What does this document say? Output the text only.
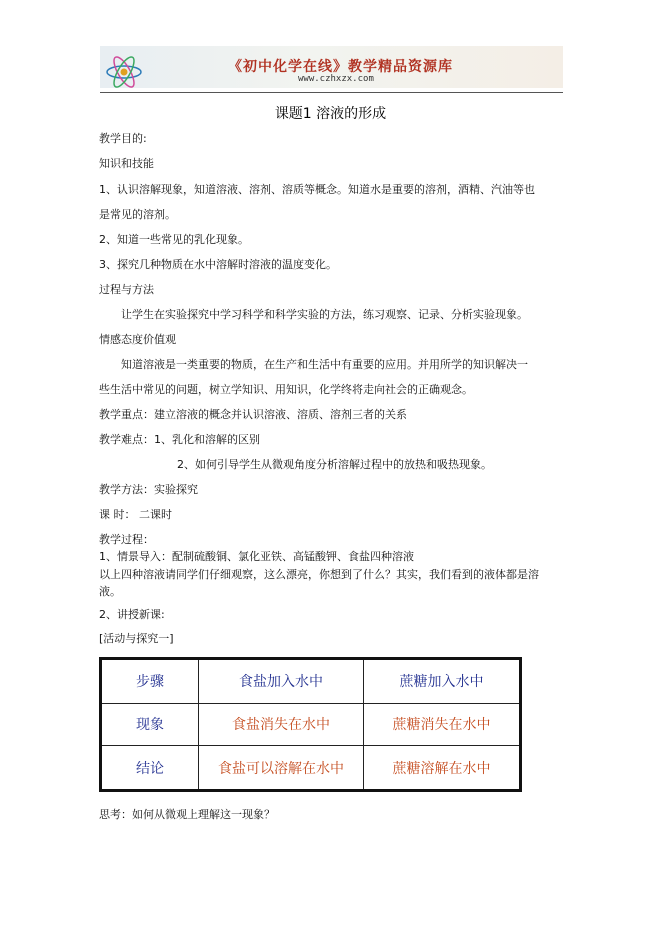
《初中化学在线》教学精品资源库
www.czhxzx.com
课题1 溶液的形成
教学目的:
知识和技能
1、认识溶解现象，知道溶液、溶剂、溶质等概念。知道水是重要的溶剂，酒精、汽油等也
是常见的溶剂。
2、知道一些常见的乳化现象。
3、探究几种物质在水中溶解时溶液的温度变化。
过程与方法
让学生在实验探究中学习科学和科学实验的方法，练习观察、记录、分析实验现象。
情感态度价值观
知道溶液是一类重要的物质，在生产和生活中有重要的应用。并用所学的知识解决一
些生活中常见的问题，树立学知识、用知识，化学终将走向社会的正确观念。
教学重点：建立溶液的概念并认识溶液、溶质、溶剂三者的关系
教学难点：1、乳化和溶解的区别
2、如何引导学生从微观角度分析溶解过程中的放热和吸热现象。
教学方法：实验探究
课 时： 二课时
教学过程：
1、情景导入：配制硫酸铜、氯化亚铁、高锰酸钾、食盐四种溶液
以上四种溶液请同学们仔细观察，这么漂亮，你想到了什么？其实，我们看到的液体都是溶
液。
2、讲授新课:
[活动与探究一]
步骤	食盐加入水中	蔗糖加入水中
现象	食盐消失在水中	蔗糖消失在水中
结论	食盐可以溶解在水中	蔗糖溶解在水中
思考：如何从微观上理解这一现象？
